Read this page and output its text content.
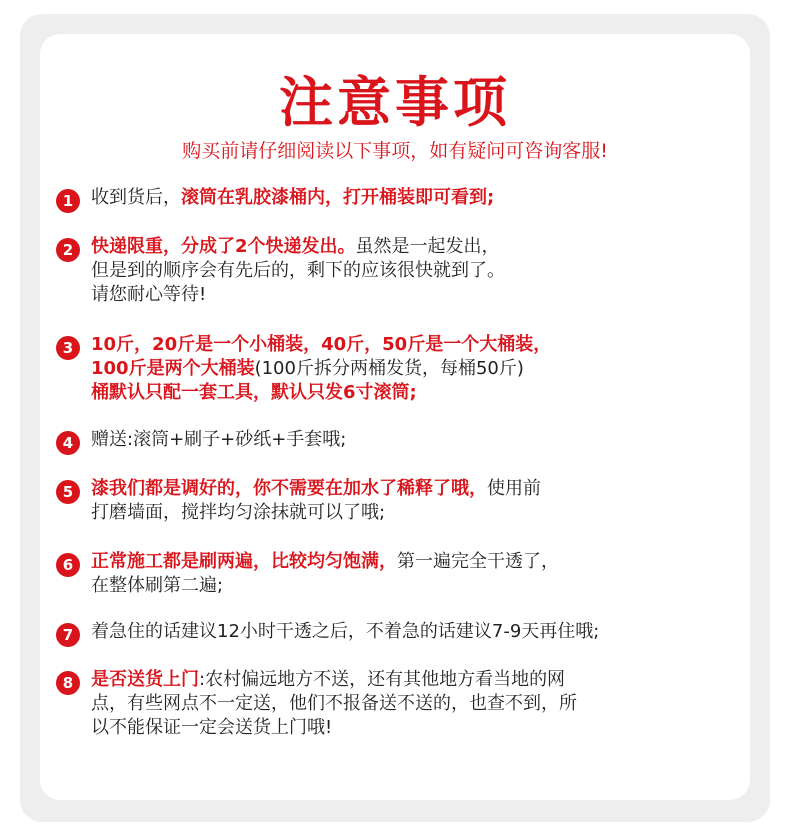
注意事项
购买前请仔细阅读以下事项，如有疑问可咨询客服!
1 收到货后，滚筒在乳胶漆桶内，打开桶装即可看到;
2 快递限重，分成了2个快递发出。虽然是一起发出，
但是到的顺序会有先后的，剩下的应该很快就到了。
请您耐心等待!
3 10斤，20斤是一个小桶装，40斤，50斤是一个大桶装，
100斤是两个大桶装(100斤拆分两桶发货，每桶50斤)
桶默认只配一套工具，默认只发6寸滚筒;
4 赠送:滚筒+刷子+砂纸+手套哦;
5 漆我们都是调好的，你不需要在加水了稀释了哦，使用前
打磨墙面，搅拌均匀涂抹就可以了哦;
6 正常施工都是刷两遍，比较均匀饱满，第一遍完全干透了，
在整体刷第二遍;
7 着急住的话建议12小时干透之后，不着急的话建议7-9天再住哦;
8 是否送货上门:农村偏远地方不送，还有其他地方看当地的网
点，有些网点不一定送，他们不报备送不送的，也查不到，所
以不能保证一定会送货上门哦!
